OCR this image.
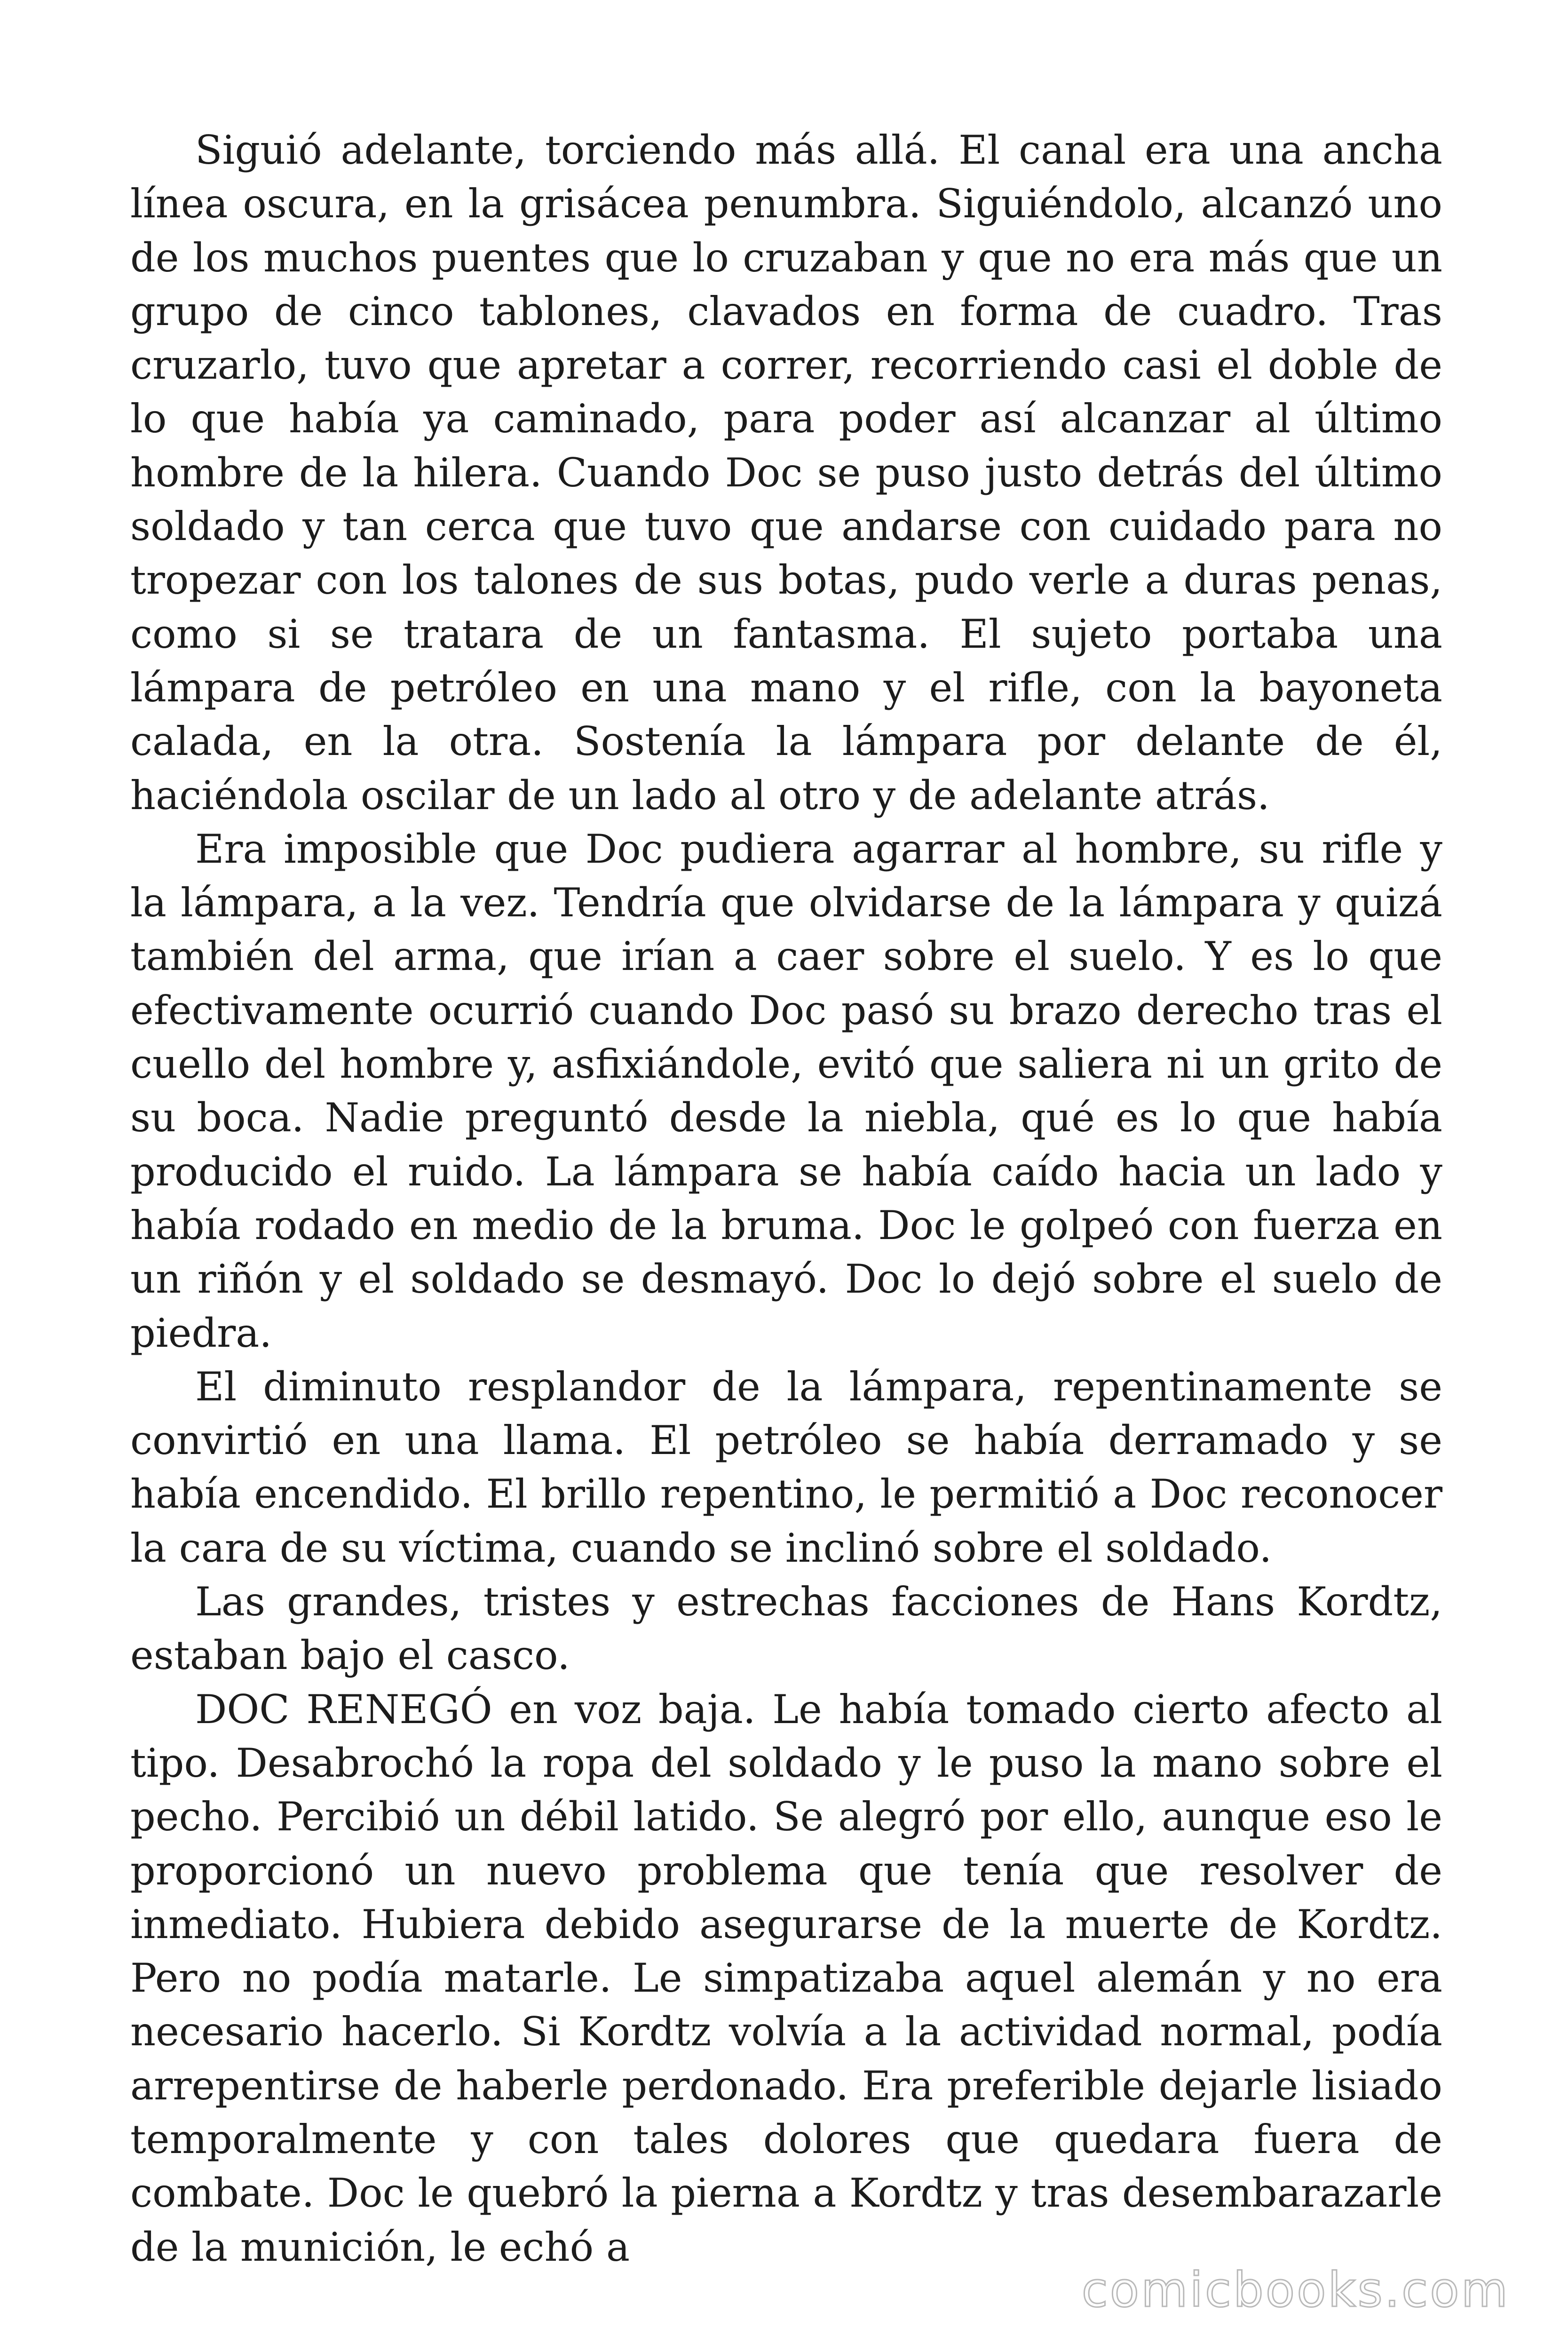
Siguió adelante, torciendo más allá. El canal era una ancha línea oscura, en la grisácea penumbra. Siguiéndolo, alcanzó uno de los muchos puentes que lo cruzaban y que no era más que un grupo de cinco tablones, clavados en forma de cuadro. Tras cruzarlo, tuvo que apretar a correr, recorriendo casi el doble de lo que había ya caminado, para poder así alcanzar al último hombre de la hilera. Cuando Doc se puso justo detrás del último soldado y tan cerca que tuvo que andarse con cuidado para no tropezar con los talones de sus botas, pudo verle a duras penas, como si se tratara de un fantasma. El sujeto portaba una lámpara de petróleo en una mano y el rifle, con la bayoneta calada, en la otra. Sostenía la lámpara por delante de él, haciéndola oscilar de un lado al otro y de adelante atrás.

Era imposible que Doc pudiera agarrar al hombre, su rifle y la lámpara, a la vez. Tendría que olvidarse de la lámpara y quizá también del arma, que irían a caer sobre el suelo. Y es lo que efectivamente ocurrió cuando Doc pasó su brazo derecho tras el cuello del hombre y, asfixiándole, evitó que saliera ni un grito de su boca. Nadie preguntó desde la niebla, qué es lo que había producido el ruido. La lámpara se había caído hacia un lado y había rodado en medio de la bruma. Doc le golpeó con fuerza en un riñón y el soldado se desmayó. Doc lo dejó sobre el suelo de piedra.

El diminuto resplandor de la lámpara, repentinamente se convirtió en una llama. El petróleo se había derramado y se había encendido. El brillo repentino, le permitió a Doc reconocer la cara de su víctima, cuando se inclinó sobre el soldado.

Las grandes, tristes y estrechas facciones de Hans Kordtz, estaban bajo el casco.

DOC RENEGÓ en voz baja. Le había tomado cierto afecto al tipo. Desabrochó la ropa del soldado y le puso la mano sobre el pecho. Percibió un débil latido. Se alegró por ello, aunque eso le proporcionó un nuevo problema que tenía que resolver de inmediato. Hubiera debido asegurarse de la muerte de Kordtz. Pero no podía matarle. Le simpatizaba aquel alemán y no era necesario hacerlo. Si Kordtz volvía a la actividad normal, podía arrepentirse de haberle perdonado. Era preferible dejarle lisiado temporalmente y con tales dolores que quedara fuera de combate. Doc le quebró la pierna a Kordtz y tras desembarazarle de la munición, le echó a

comicbooks.com
